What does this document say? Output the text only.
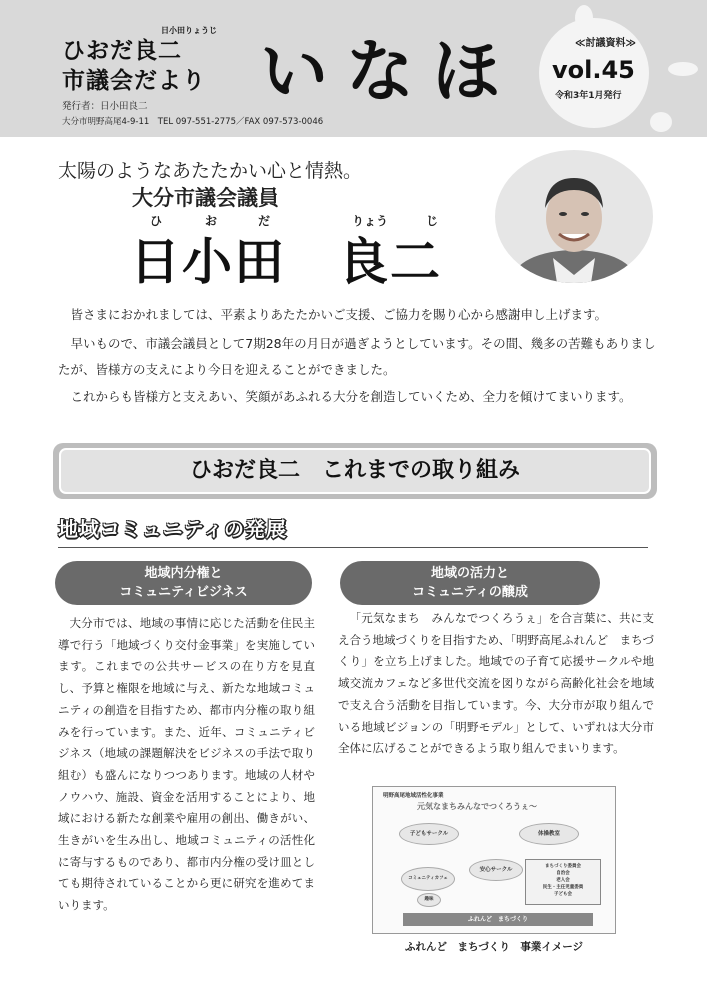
ひおだ良二
日小田りょうじ
市議会だより いなほ
発行者：日小田良二
大分市明野高尾4-9-11　TEL 097-551-2775／FAX 097-573-0046
≪討議資料≫
vol.45
令和3年1月発行
太陽のようなあたたかい心と情熱。
大分市議会議員
ひ	お	だ	りょう	じ
日小田　良二

皆さまにおかれましては、平素よりあたたかいご支援、ご協力を賜り心から感謝申し上げます。

早いもので、市議会議員として7期28年の月日が過ぎようとしています。その間、幾多の苦難もありましたが、皆様方の支えにより今日を迎えることができました。

これからも皆様方と支えあい、笑顔があふれる大分を創造していくため、全力を傾けてまいります。

ひおだ良二　これまでの取り組み
地域コミュニティの発展
地域内分権と
コミュニティビジネス

大分市では、地域の事情に応じた活動を住民主導で行う「地域づくり交付金事業」を実施しています。これまでの公共サービスの在り方を見直し、予算と権限を地域に与え、新たな地域コミュニティの創造を目指すため、都市内分権の取り組みを行っています。また、近年、コミュニティビジネス（地域の課題解決をビジネスの手法で取り組む）も盛んになりつつあります。地域の人材やノウハウ、施設、資金を活用することにより、地域における新たな創業や雇用の創出、働きがい、生きがいを生み出し、地域コミュニティの活性化に寄与するものであり、都市内分権の受け皿としても期待されていることから更に研究を進めてまいります。

地域の活力と
コミュニティの醸成

「元気なまち　みんなでつくろうぇ」を合言葉に、共に支え合う地域づくりを目指すため、「明野高尾ふれんど　まちづくり」を立ち上げました。地域での子育て応援サークルや地域交流カフェなど多世代交流を図りながら高齢化社会を地域で支え合う活動を目指しています。今、大分市が取り組んでいる地域ビジョンの「明野モデル」として、いずれは大分市全体に広げることができるよう取り組んでまいります。

明野高尾地域活性化事業
元気なまちみんなでつくろうぇ～
子どもサークル	体操教室
安心サークル
コミュニティカフェ
趣味
まちづくり委員会
自治会
老人会
民生・主任児童委員
子ども会
ふれんど　まちづくり
ふれんど　まちづくり　事業イメージ
